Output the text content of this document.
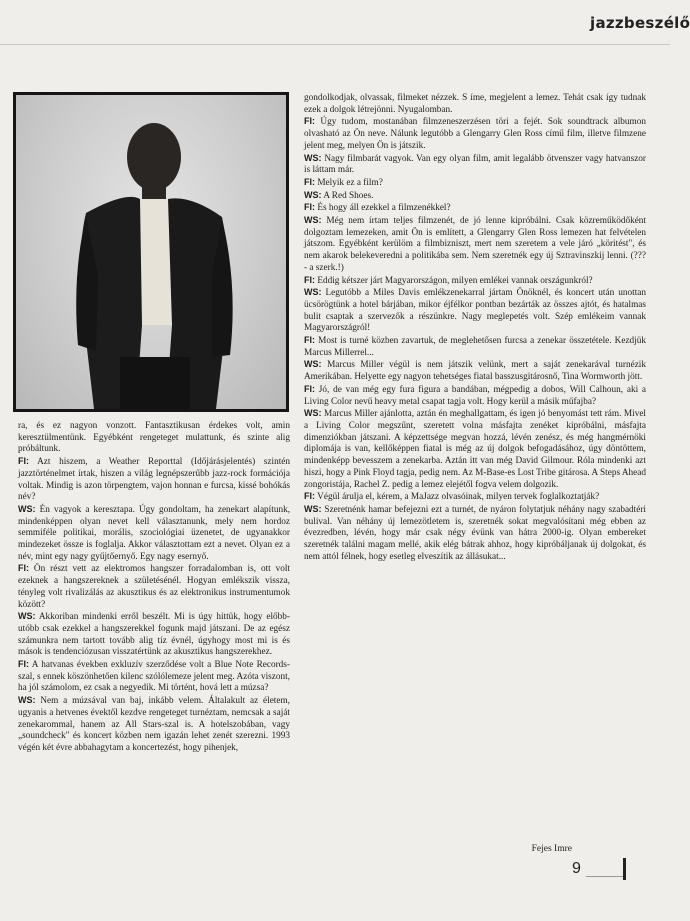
jazzbeszélő

ra, és ez nagyon vonzott. Fantasztikusan érdekes volt, amin keresztülmentünk. Egyébként rengeteget mulattunk, és szinte alig próbáltunk.

FI: Azt hiszem, a Weather Reporttal (Időjárásjelentés) szintén jazztörténelmet írtak, hiszen a világ legnépszerűbb jazz-rock formációja voltak. Mindig is azon törpengtem, vajon honnan e furcsa, kissé bohókás név?

WS: Én vagyok a keresztapa. Úgy gondoltam, ha zenekart alapítunk, mindenképpen olyan nevet kell választanunk, mely nem hordoz semmiféle politikai, morális, szociológiai üzenetet, de ugyanakkor mindezeket össze is foglalja. Akkor választottam ezt a nevet. Olyan ez a név, mint egy nagy gyűjtőernyő. Egy nagy esernyő.

FI: Ön részt vett az elektromos hangszer forradalomban is, ott volt ezeknek a hangszereknek a születésénél. Hogyan emlékszik vissza, tényleg volt rivalizálás az akusztikus és az elektronikus instrumentumok között?

WS: Akkoriban mindenki erről beszélt. Mi is úgy hittük, hogy előbb-utóbb csak ezekkel a hangszerekkel fogunk majd játszani. De az egész számunkra nem tartott tovább alig tíz évnél, úgyhogy most mi is és mások is tendenciózusan visszatértünk az akusztikus hangszerekhez.

FI: A hatvanas években exkluzív szerződése volt a Blue Note Records-szal, s ennek köszönhetően kilenc szólólemeze jelent meg. Azóta viszont, ha jól számolom, ez csak a negyedik. Mi történt, hová lett a múzsa?

WS: Nem a múzsával van baj, inkább velem. Általakult az életem, ugyanis a hetvenes évektől kezdve rengeteget turnéztam, nemcsak a saját zenekarommal, hanem az All Stars-szal is. A hotelszobában, vagy „soundcheck" és koncert közben nem igazán lehet zenét szerezni. 1993 végén két évre abbahagytam a koncertezést, hogy pihenjek,

gondolkodjak, olvassak, filmeket nézzek. S íme, megjelent a lemez. Tehát csak így tudnak ezek a dolgok létrejönni. Nyugalomban.

FI: Úgy tudom, mostanában filmzeneszerzésen töri a fejét. Sok soundtrack albumon olvasható az Ön neve. Nálunk legutóbb a Glengarry Glen Ross című film, illetve filmzene jelent meg, melyen Ön is játszik.

WS: Nagy filmbarát vagyok. Van egy olyan film, amit legalább ötvenszer vagy hatvanszor is láttam már.

FI: Melyik ez a film?

WS: A Red Shoes.

FI: És hogy áll ezekkel a filmzenékkel?

WS: Még nem írtam teljes filmzenét, de jó lenne kipróbálni. Csak közreműködőként dolgoztam lemezeken, amit Ön is említett, a Glengarry Glen Ross lemezen hat felvételen játszom. Egyébként kerülöm a filmbizniszt, mert nem szeretem a vele járó „köritést", és nem akarok belekeveredni a politikába sem. Nem szeretnék egy új Sztravinszkij lenni. (??? - a szerk.!)

FI: Eddig kétszer járt Magyarországon, milyen emlékei vannak országunkról?

WS: Legutóbb a Miles Davis emlékzenekarral jártam Önöknél, és koncert után unottan ücsörögtünk a hotel bárjában, mikor éjfélkor pontban bezárták az összes ajtót, és hatalmas bulit csaptak a szervezők a részünkre. Nagy meglepetés volt. Szép emlékeim vannak Magyarországról!

FI: Most is turné közben zavartuk, de meglehetősen furcsa a zenekar összetétele. Kezdjük Marcus Millerrel...

WS: Marcus Miller végül is nem játszik velünk, mert a saját zenekarával turnézik Amerikában. Helyette egy nagyon tehetséges fiatal basszusgitárosnő, Tina Wormworth jött.

FI: Jó, de van még egy fura figura a bandában, mégpedig a dobos, Will Calhoun, aki a Living Color nevű heavy metal csapat tagja volt. Hogy kerül a másik műfajba?

WS: Marcus Miller ajánlotta, aztán én meghallgattam, és igen jó benyomást tett rám. Mivel a Living Color megszűnt, szeretett volna másfajta zenéket kipróbálni, másfajta dimenziókban játszani. A képzettsége megvan hozzá, lévén zenész, és még hangmérnöki diplomája is van, kellőképpen fiatal is még az új dolgok befogadásához, úgy döntöttem, mindenképp bevesszem a zenekarba. Aztán itt van még David Gilmour. Róla mindenki azt hiszi, hogy a Pink Floyd tagja, pedig nem. Az M-Base-es Lost Tribe gitárosa. A Steps Ahead zongoristája, Rachel Z. pedig a lemez elejétől fogva velem dolgozik.

FI: Végül árulja el, kérem, a MaJazz olvasóinak, milyen tervek foglalkoztatják?

WS: Szeretnénk hamar befejezni ezt a turnét, de nyáron folytatjuk néhány nagy szabadtéri bulival. Van néhány új lemezötletem is, szeretnék sokat megvalósítani még ebben az évezredben, lévén, hogy már csak négy évünk van hátra 2000-ig. Olyan embereket szeretnék találni magam mellé, akik elég bátrak ahhoz, hogy kipróbáljanak új dolgokat, és nem attól félnek, hogy esetleg elveszítik az állásukat...

Fejes Imre
9
